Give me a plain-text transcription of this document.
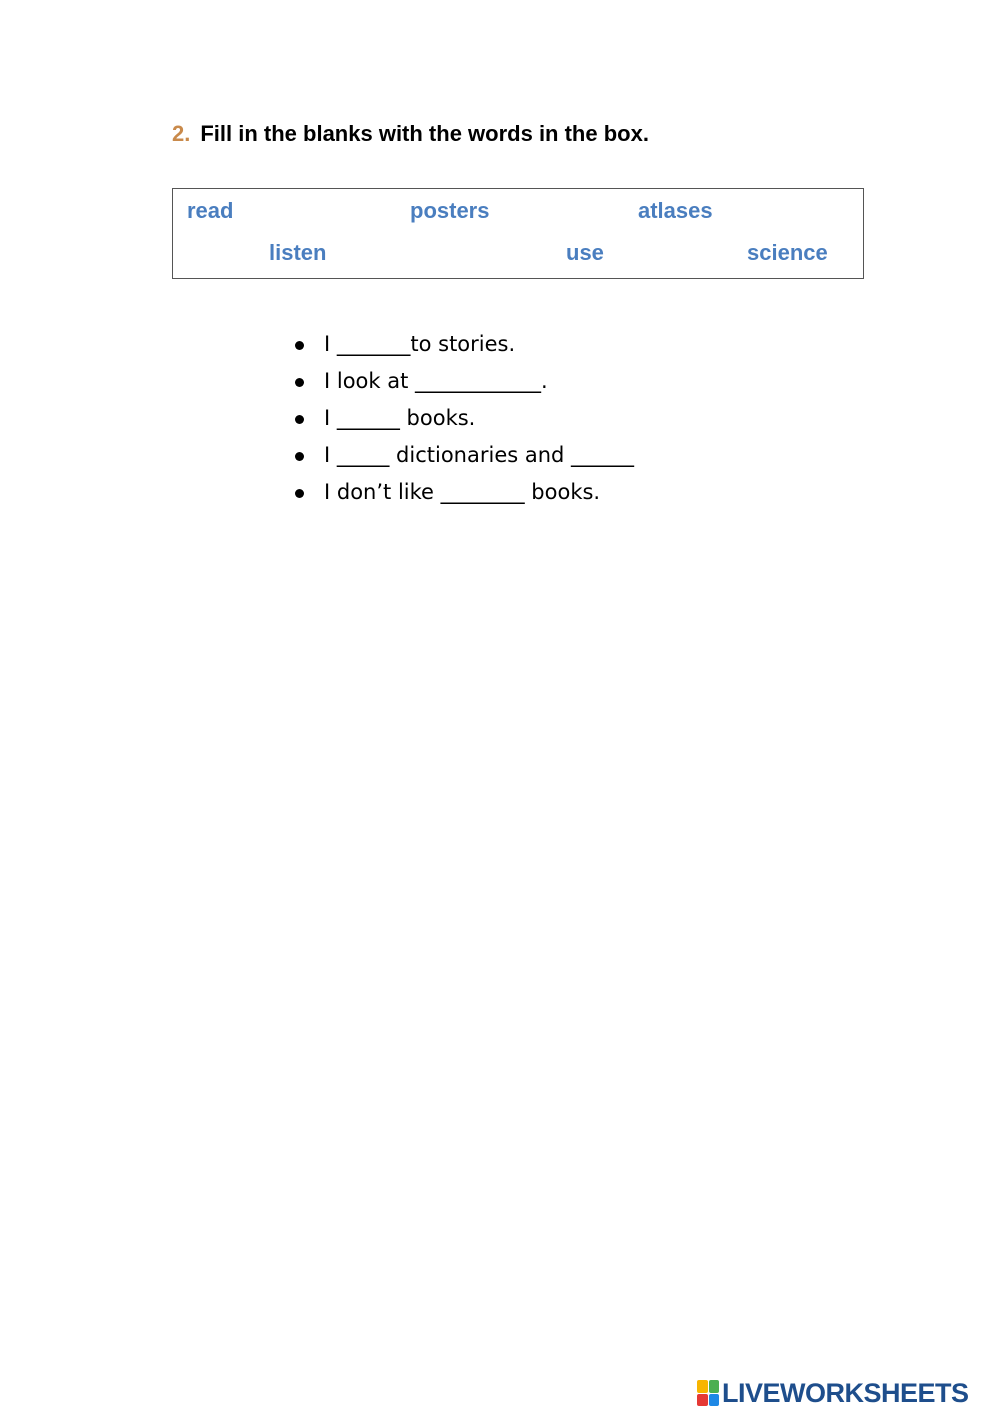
2. Fill in the blanks with the words in the box.
read	posters	atlases
listen	use	science
I _______to stories.
I look at ____________.
I ______ books.
I _____ dictionaries and ______
I don’t like ________ books.
LIVEWORKSHEETS
